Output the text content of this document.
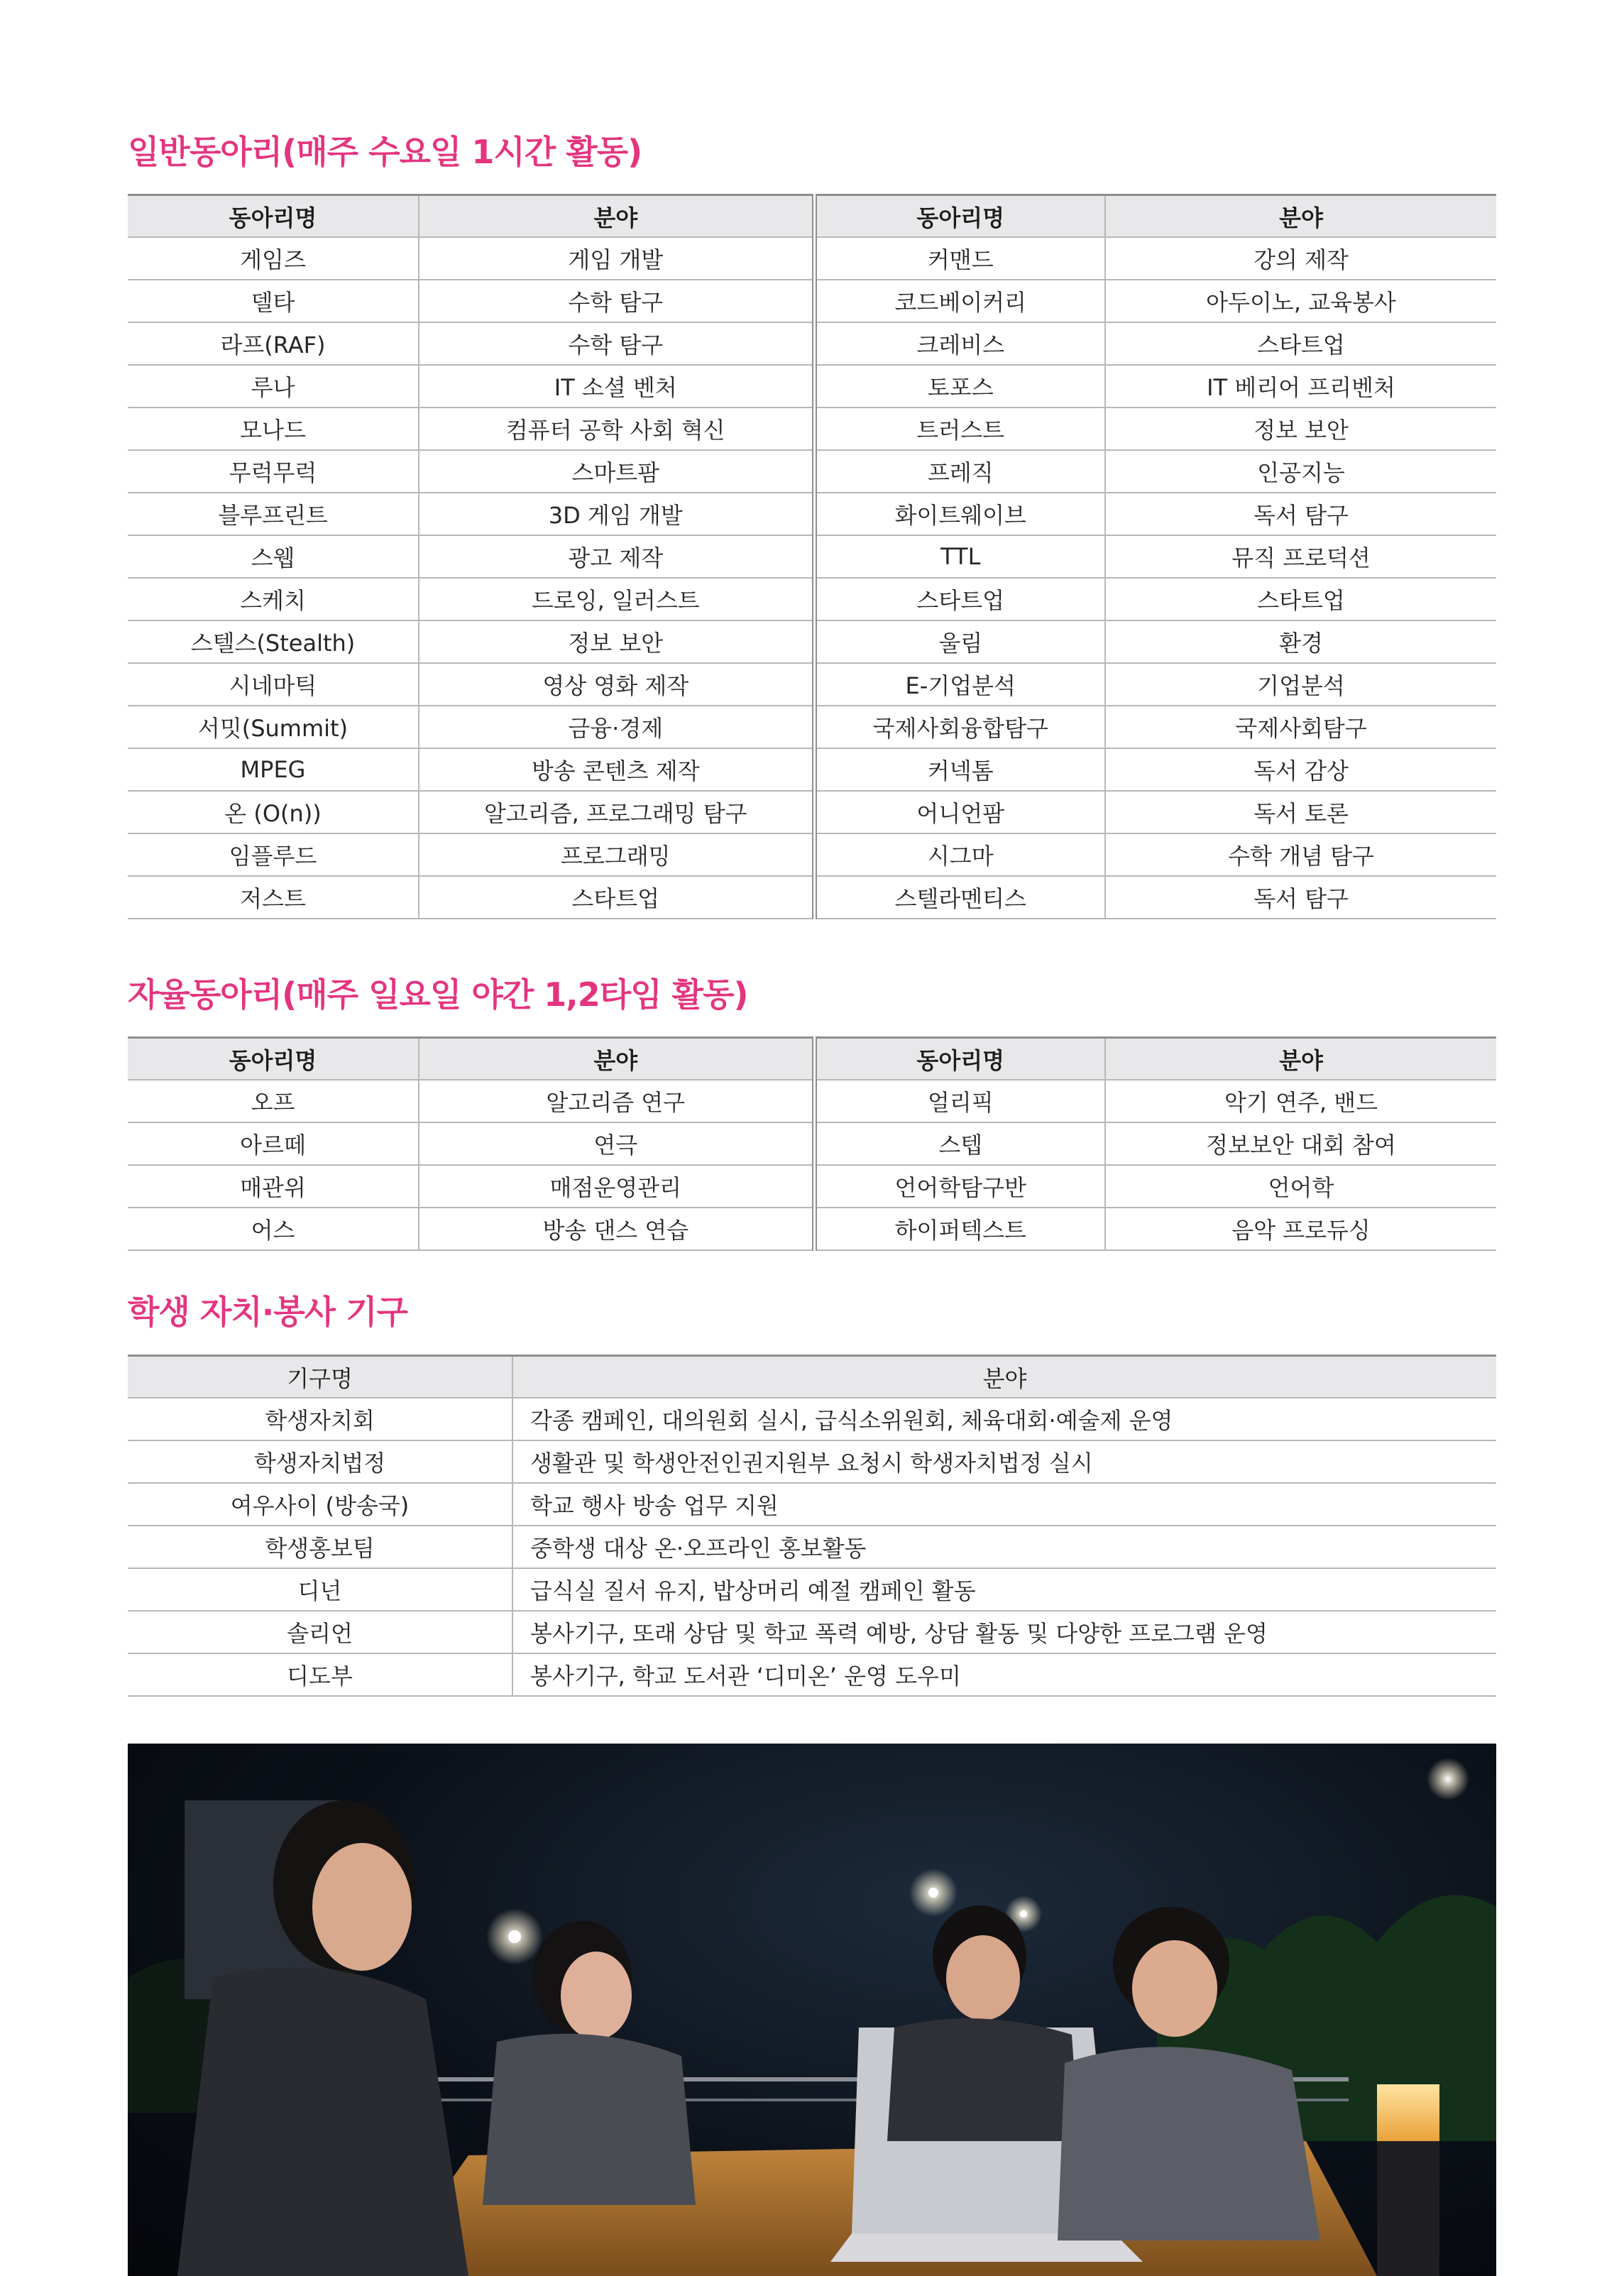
일반동아리(매주 수요일 1시간 활동)
동아리명	분야	동아리명	분야
게임즈	게임 개발	커맨드	강의 제작
델타	수학 탐구	코드베이커리	아두이노, 교육봉사
라프(RAF)	수학 탐구	크레비스	스타트업
루나	IT 소셜 벤처	토포스	IT 베리어 프리벤처
모나드	컴퓨터 공학 사회 혁신	트러스트	정보 보안
무럭무럭	스마트팜	프레직	인공지능
블루프린트	3D 게임 개발	화이트웨이브	독서 탐구
스웹	광고 제작	TTL	뮤직 프로덕션
스케치	드로잉, 일러스트	스타트업	스타트업
스텔스(Stealth)	정보 보안	울림	환경
시네마틱	영상 영화 제작	E-기업분석	기업분석
서밋(Summit)	금융·경제	국제사회융합탐구	국제사회탐구
MPEG	방송 콘텐츠 제작	커넥톰	독서 감상
온 (O(n))	알고리즘, 프로그래밍 탐구	어니언팜	독서 토론
임플루드	프로그래밍	시그마	수학 개념 탐구
저스트	스타트업	스텔라멘티스	독서 탐구
자율동아리(매주 일요일 야간 1,2타임 활동)
동아리명	분야	동아리명	분야
오프	알고리즘 연구	얼리픽	악기 연주, 밴드
아르떼	연극	스텝	정보보안 대회 참여
매관위	매점운영관리	언어학탐구반	언어학
어스	방송 댄스 연습	하이퍼텍스트	음악 프로듀싱
학생 자치·봉사 기구
기구명	분야
학생자치회	각종 캠페인, 대의원회 실시, 급식소위원회, 체육대회·예술제 운영
학생자치법정	생활관 및 학생안전인권지원부 요청시 학생자치법정 실시
여우사이 (방송국)	학교 행사 방송 업무 지원
학생홍보팀	중학생 대상 온·오프라인 홍보활동
디넌	급식실 질서 유지, 밥상머리 예절 캠페인 활동
솔리언	봉사기구, 또래 상담 및 학교 폭력 예방, 상담 활동 및 다양한 프로그램 운영
디도부	봉사기구, 학교 도서관 ‘디미온’ 운영 도우미
